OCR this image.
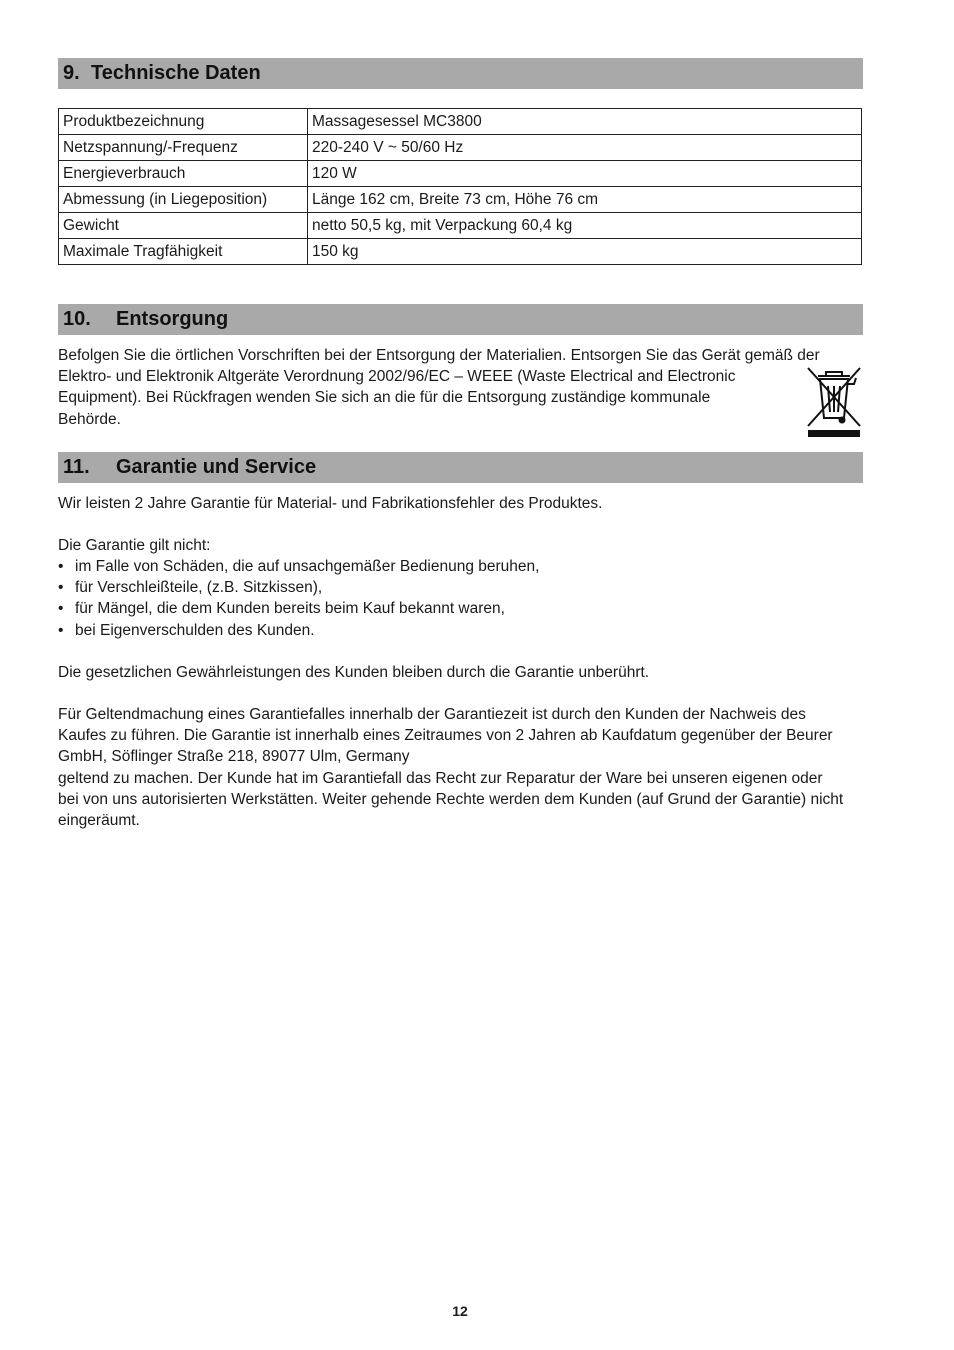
9. Technische Daten
Produktbezeichnung	Massagesessel MC3800
Netzspannung/-Frequenz	220-240 V ~ 50/60 Hz
Energieverbrauch	120 W
Abmessung (in Liegeposition)	Länge 162 cm, Breite 73 cm, Höhe 76 cm
Gewicht	netto 50,5 kg, mit Verpackung 60,4 kg
Maximale Tragfähigkeit	150 kg
10. Entsorgung
Befolgen Sie die örtlichen Vorschriften bei der Entsorgung der Materialien. Entsorgen Sie das Gerät gemäß der
Elektro- und Elektronik Altgeräte Verordnung 2002/96/EC – WEEE (Waste Electrical and Electronic
Equipment). Bei Rückfragen wenden Sie sich an die für die Entsorgung zuständige kommunale
Behörde.
11. Garantie und Service
Wir leisten 2 Jahre Garantie für Material- und Fabrikationsfehler des Produktes.
Die Garantie gilt nicht:
• im Falle von Schäden, die auf unsachgemäßer Bedienung beruhen,
• für Verschleißteile, (z.B. Sitzkissen),
• für Mängel, die dem Kunden bereits beim Kauf bekannt waren,
• bei Eigenverschulden des Kunden.
Die gesetzlichen Gewährleistungen des Kunden bleiben durch die Garantie unberührt.
Für Geltendmachung eines Garantiefalles innerhalb der Garantiezeit ist durch den Kunden der Nachweis des
Kaufes zu führen. Die Garantie ist innerhalb eines Zeitraumes von 2 Jahren ab Kaufdatum gegenüber der Beurer
GmbH, Söflinger Straße 218, 89077 Ulm, Germany
geltend zu machen. Der Kunde hat im Garantiefall das Recht zur Reparatur der Ware bei unseren eigenen oder
bei von uns autorisierten Werkstätten. Weiter gehende Rechte werden dem Kunden (auf Grund der Garantie) nicht
eingeräumt.
12
